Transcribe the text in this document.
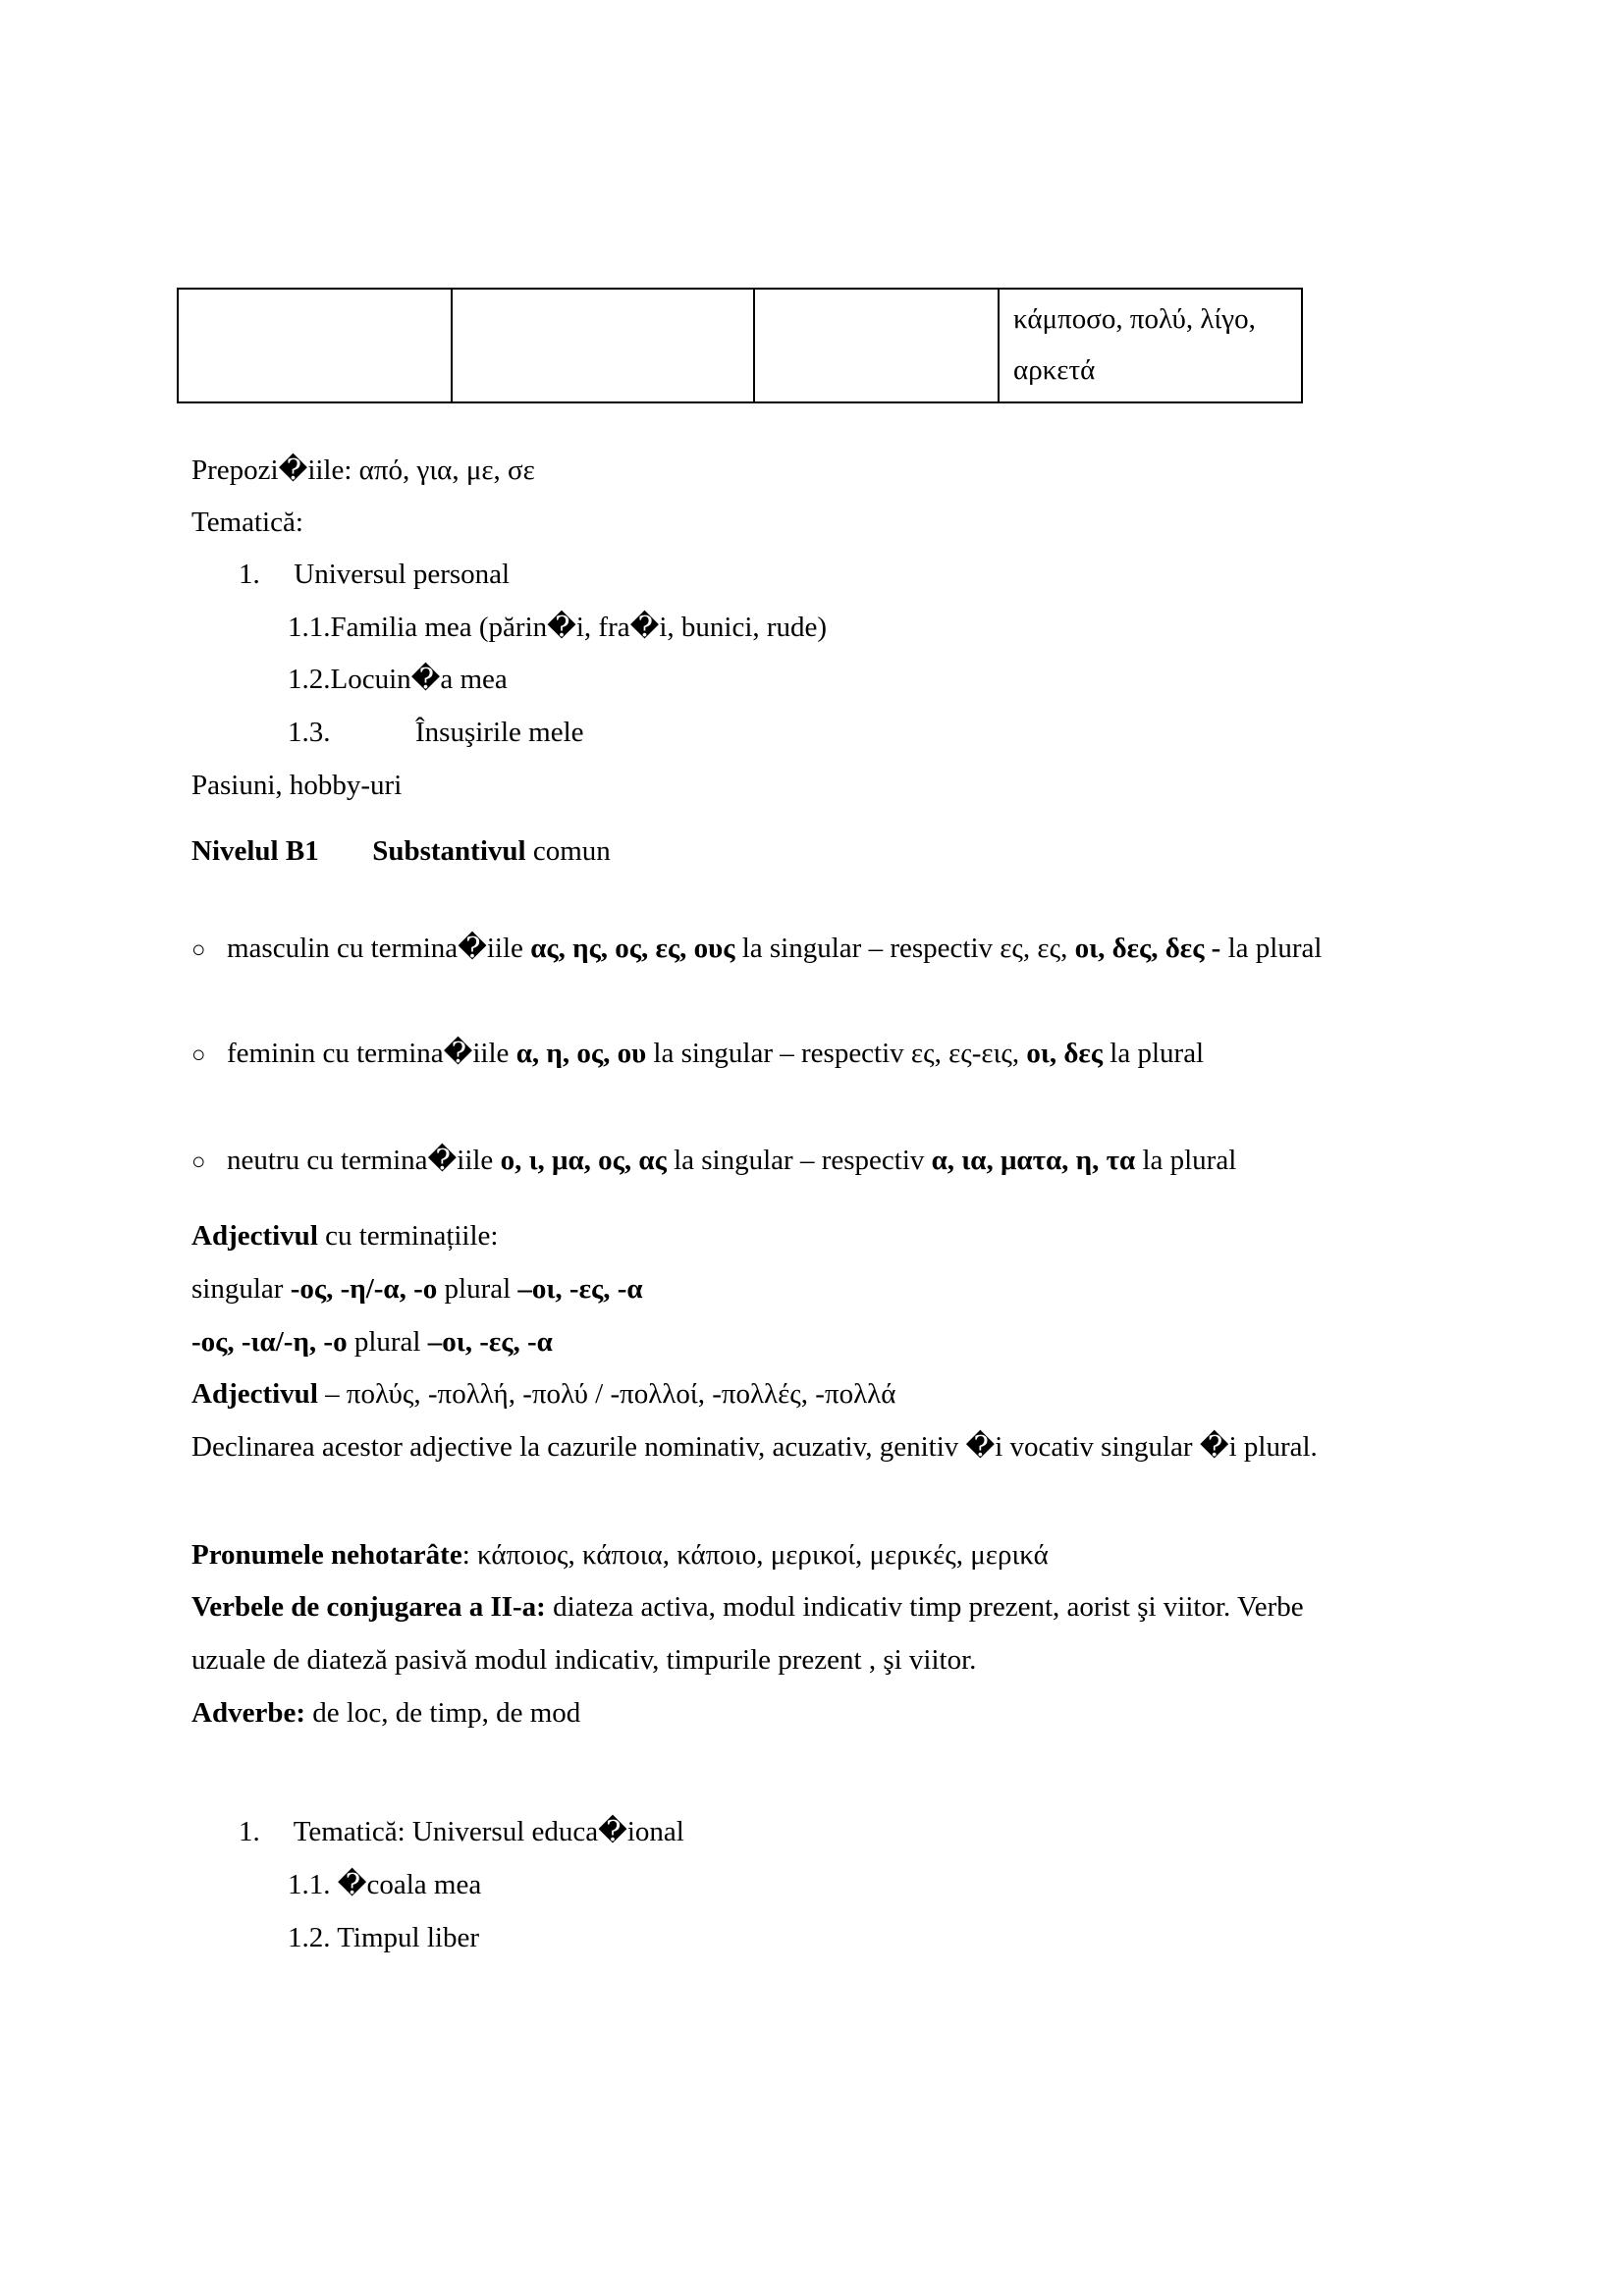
			κάμποσο, πολύ, λίγο, αρκετά
Prepozi�iile: από, για, με, σε
Tematică:
1. Universul personal
1.1.Familia mea (părin�i, fra�i, bunici, rude)
1.2.Locuin�a mea
1.3.	Însuşirile mele
Pasiuni, hobby-uri
Nivelul B1 Substantivul comun
○ masculin cu termina�iile ας, ης, ος, ες, ους la singular – respectiv ες, ες, οι, δες, δες - la plural
○ feminin cu termina�iile α, η, ος, ου la singular – respectiv ες, ες-εις, οι, δες la plural
○ neutru cu termina�iile ο, ι, μα, ος, ας la singular – respectiv α, ια, ματα, η, τα la plural
Adjectivul cu terminațiile:
singular -ος, -η/-α, -ο plural –οι, -ες, -α
-ος, -ια/-η, -ο plural –οι, -ες, -α
Adjectivul – πολύς, -πολλή, -πολύ / -πολλοί, -πολλές, -πολλά
Declinarea acestor adjective la cazurile nominativ, acuzativ, genitiv �i vocativ singular �i plural.
Pronumele nehotarâte: κάποιος, κάποια, κάποιο, μερικοί, μερικές, μερικά
Verbele de conjugarea a II-a: diateza activa, modul indicativ timp prezent, aorist şi viitor. Verbe
uzuale de diateză pasivă modul indicativ, timpurile prezent , şi viitor.
Adverbe: de loc, de timp, de mod
1. Tematică: Universul educa�ional
1.1. �coala mea
1.2. Timpul liber
